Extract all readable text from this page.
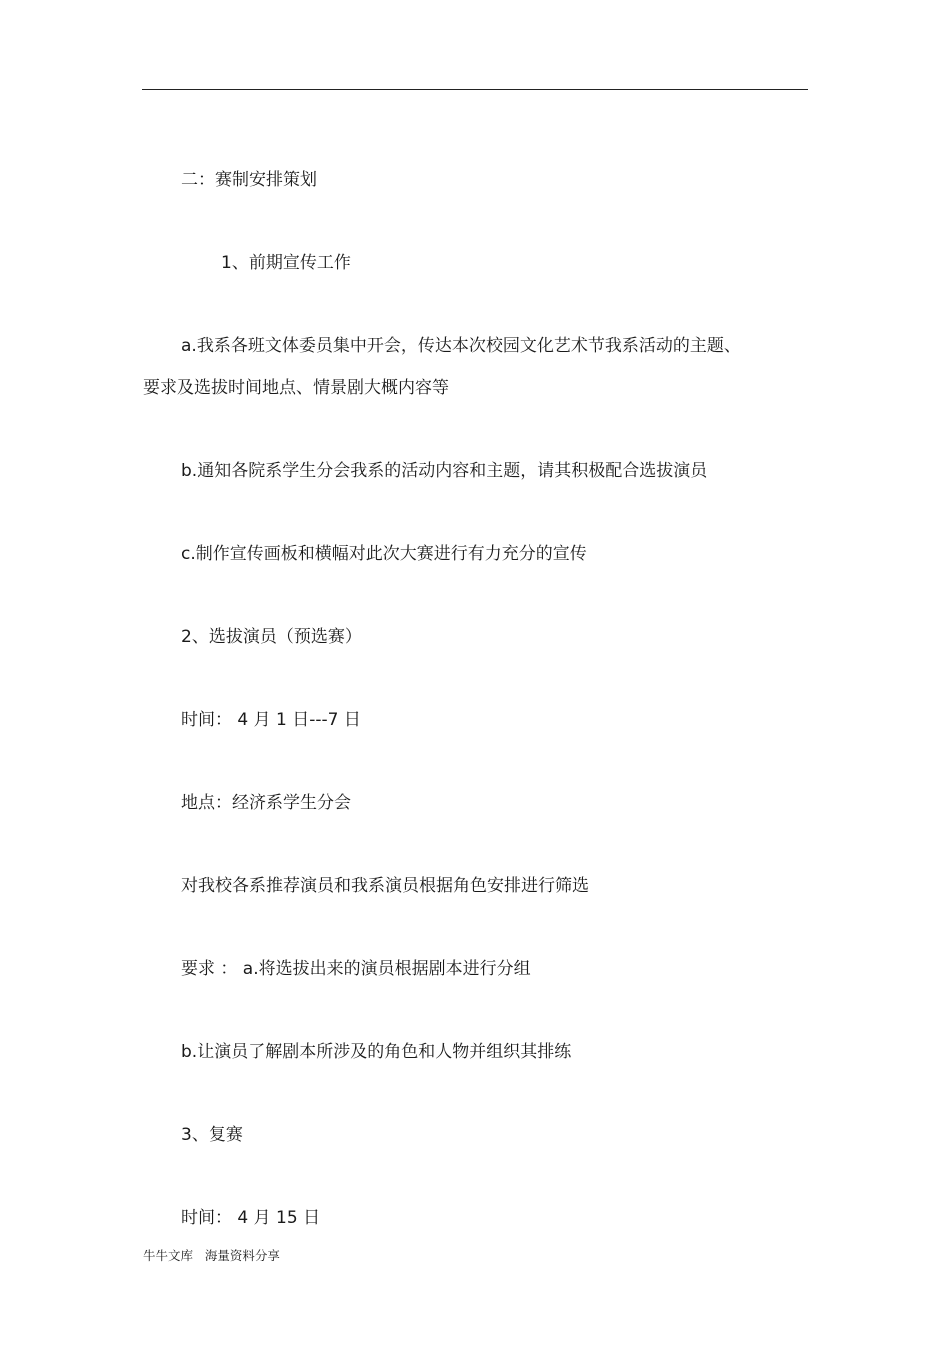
二：赛制安排策划
1、前期宣传工作
a.我系各班文体委员集中开会，传达本次校园文化艺术节我系活动的主题、
要求及选拔时间地点、情景剧大概内容等
b.通知各院系学生分会我系的活动内容和主题，请其积极配合选拔演员
c.制作宣传画板和横幅对此次大赛进行有力充分的宣传
2、选拔演员（预选赛）
时间： 4 月 1 日---7 日
地点：经济系学生分会
对我校各系推荐演员和我系演员根据角色安排进行筛选
要求 ： a.将选拔出来的演员根据剧本进行分组
b.让演员了解剧本所涉及的角色和人物并组织其排练
3、复赛
时间： 4 月 15 日
牛牛文库   海量资料分享
